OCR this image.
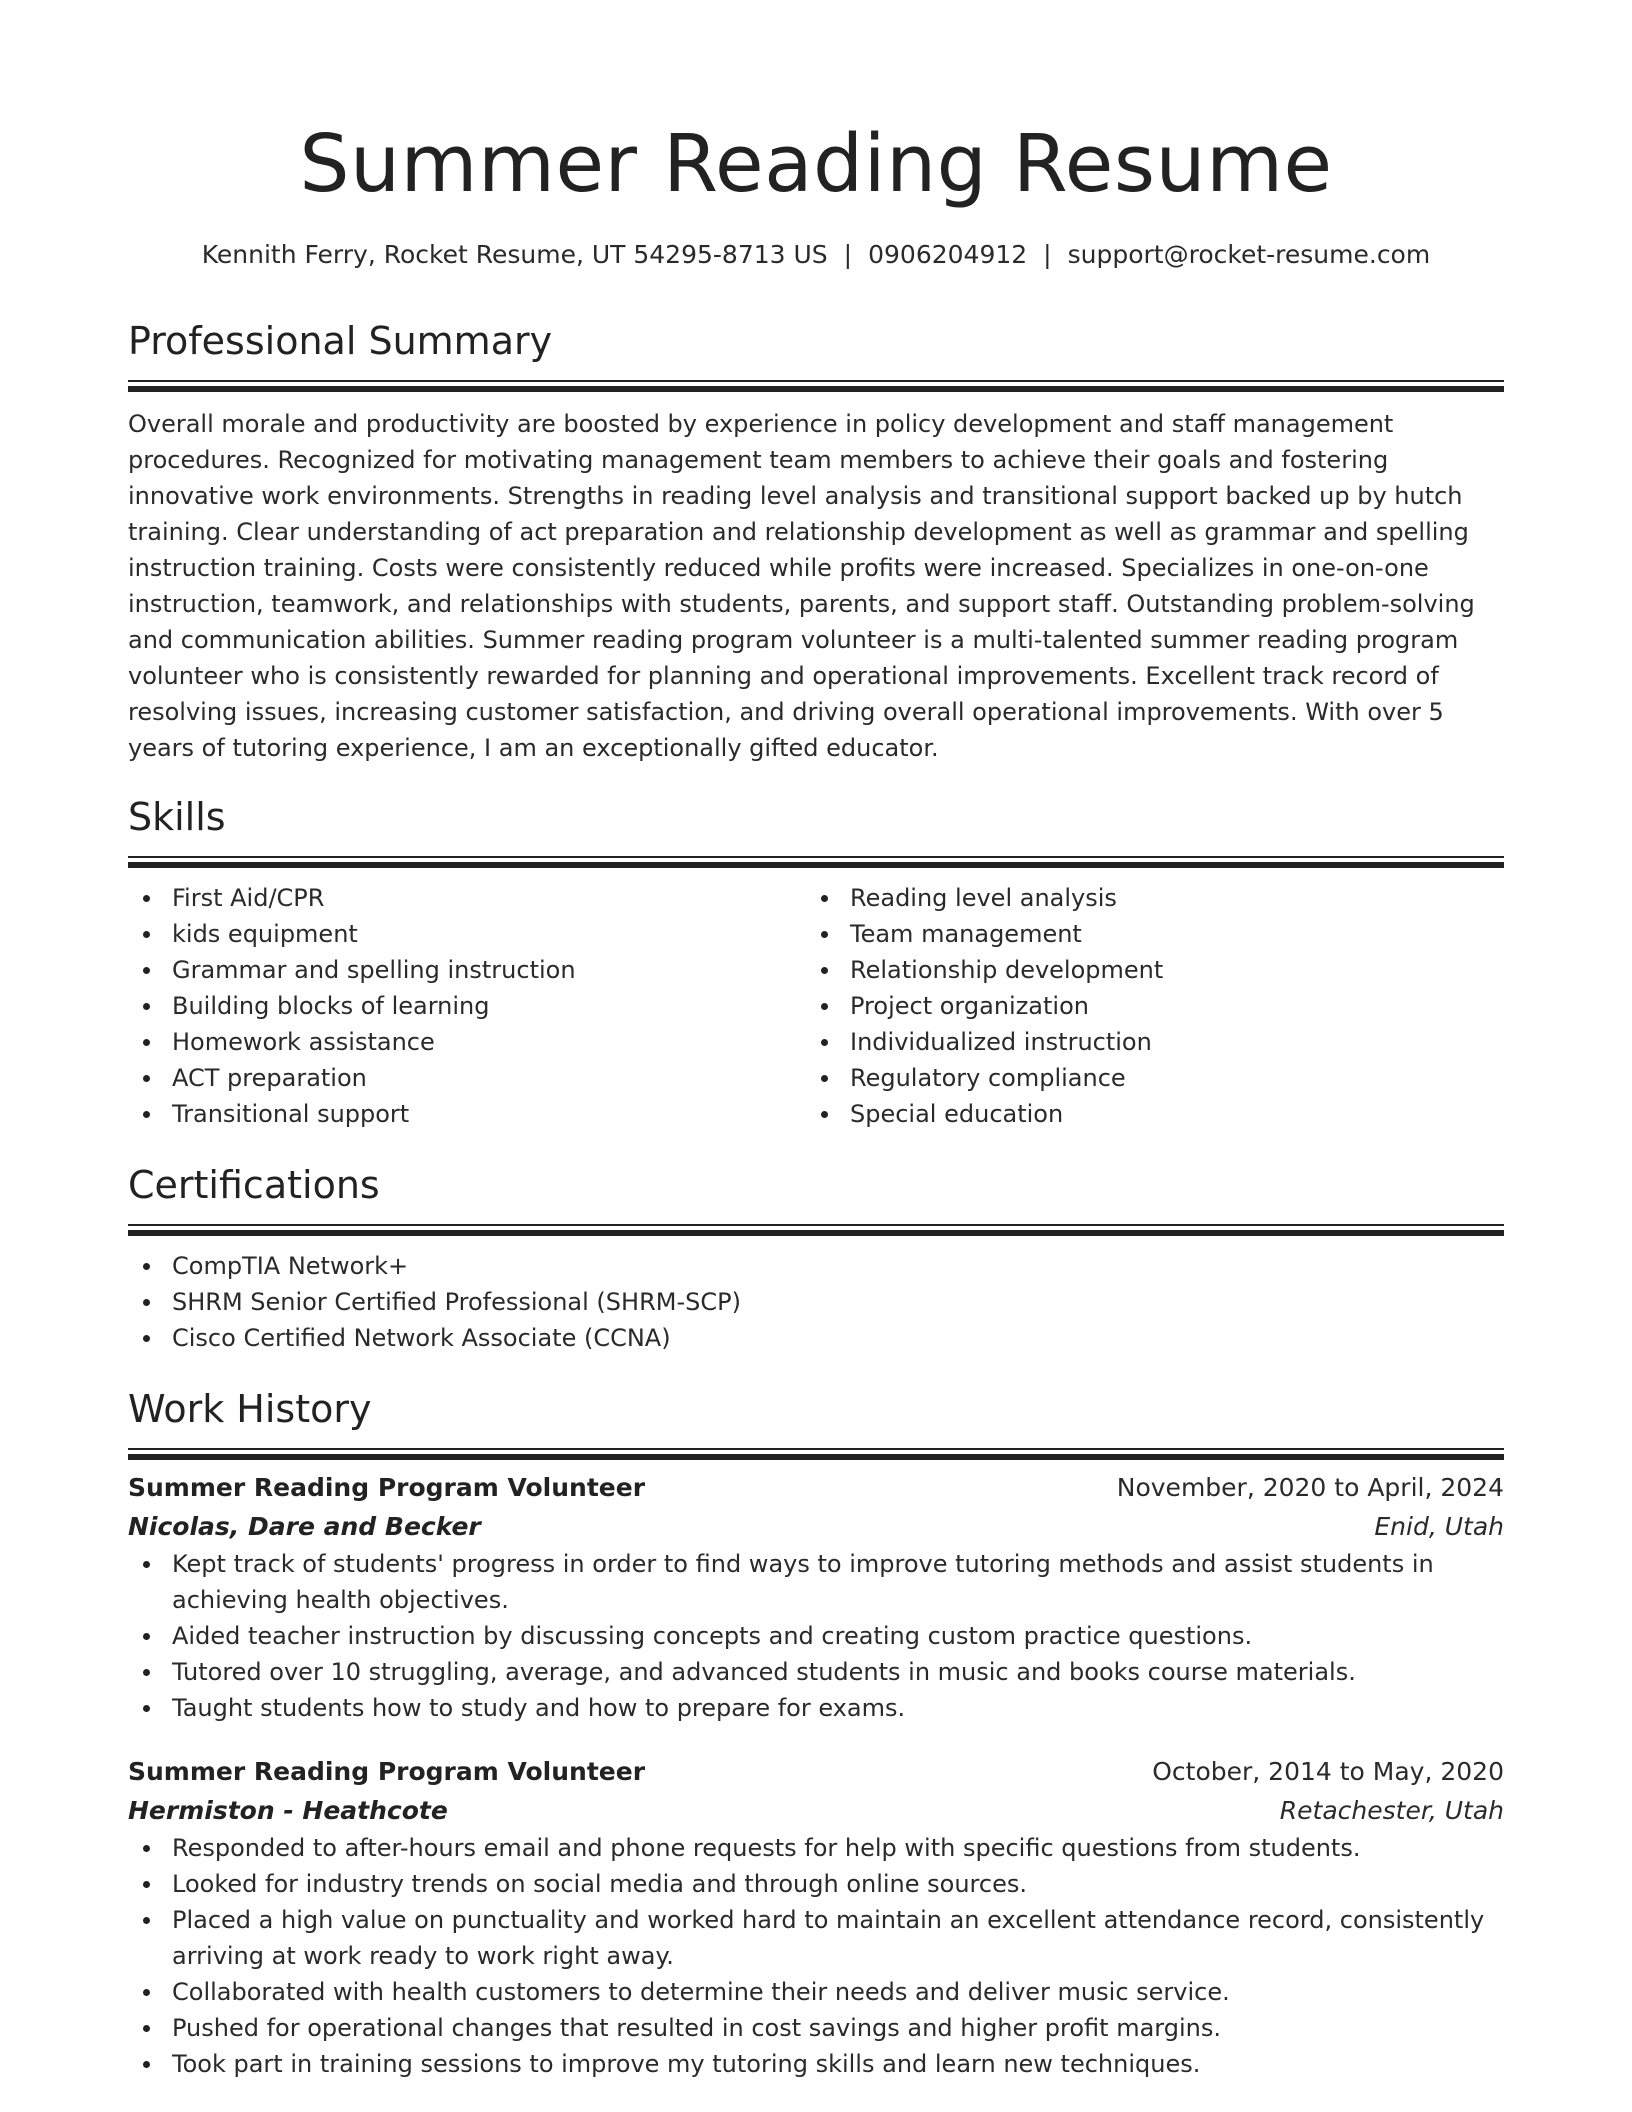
Summer Reading Resume
Kennith Ferry, Rocket Resume, UT 54295-8713 US | 0906204912 | support@rocket-resume.com
Professional Summary
Overall morale and productivity are boosted by experience in policy development and staff management procedures. Recognized for motivating management team members to achieve their goals and fostering innovative work environments. Strengths in reading level analysis and transitional support backed up by hutch training. Clear understanding of act preparation and relationship development as well as grammar and spelling instruction training. Costs were consistently reduced while profits were increased. Specializes in one-on-one instruction, teamwork, and relationships with students, parents, and support staff. Outstanding problem-solving and communication abilities. Summer reading program volunteer is a multi-talented summer reading program volunteer who is consistently rewarded for planning and operational improvements. Excellent track record of resolving issues, increasing customer satisfaction, and driving overall operational improvements. With over 5 years of tutoring experience, I am an exceptionally gifted educator.
Skills
First Aid/CPR
kids equipment
Grammar and spelling instruction
Building blocks of learning
Homework assistance
ACT preparation
Transitional support
Reading level analysis
Team management
Relationship development
Project organization
Individualized instruction
Regulatory compliance
Special education
Certifications
CompTIA Network+
SHRM Senior Certified Professional (SHRM-SCP)
Cisco Certified Network Associate (CCNA)
Work History
Summer Reading Program Volunteer	November, 2020 to April, 2024
Nicolas, Dare and Becker	Enid, Utah
Kept track of students' progress in order to find ways to improve tutoring methods and assist students in achieving health objectives.
Aided teacher instruction by discussing concepts and creating custom practice questions.
Tutored over 10 struggling, average, and advanced students in music and books course materials.
Taught students how to study and how to prepare for exams.
Summer Reading Program Volunteer	October, 2014 to May, 2020
Hermiston - Heathcote	Retachester, Utah
Responded to after-hours email and phone requests for help with specific questions from students.
Looked for industry trends on social media and through online sources.
Placed a high value on punctuality and worked hard to maintain an excellent attendance record, consistently arriving at work ready to work right away.
Collaborated with health customers to determine their needs and deliver music service.
Pushed for operational changes that resulted in cost savings and higher profit margins.
Took part in training sessions to improve my tutoring skills and learn new techniques.
